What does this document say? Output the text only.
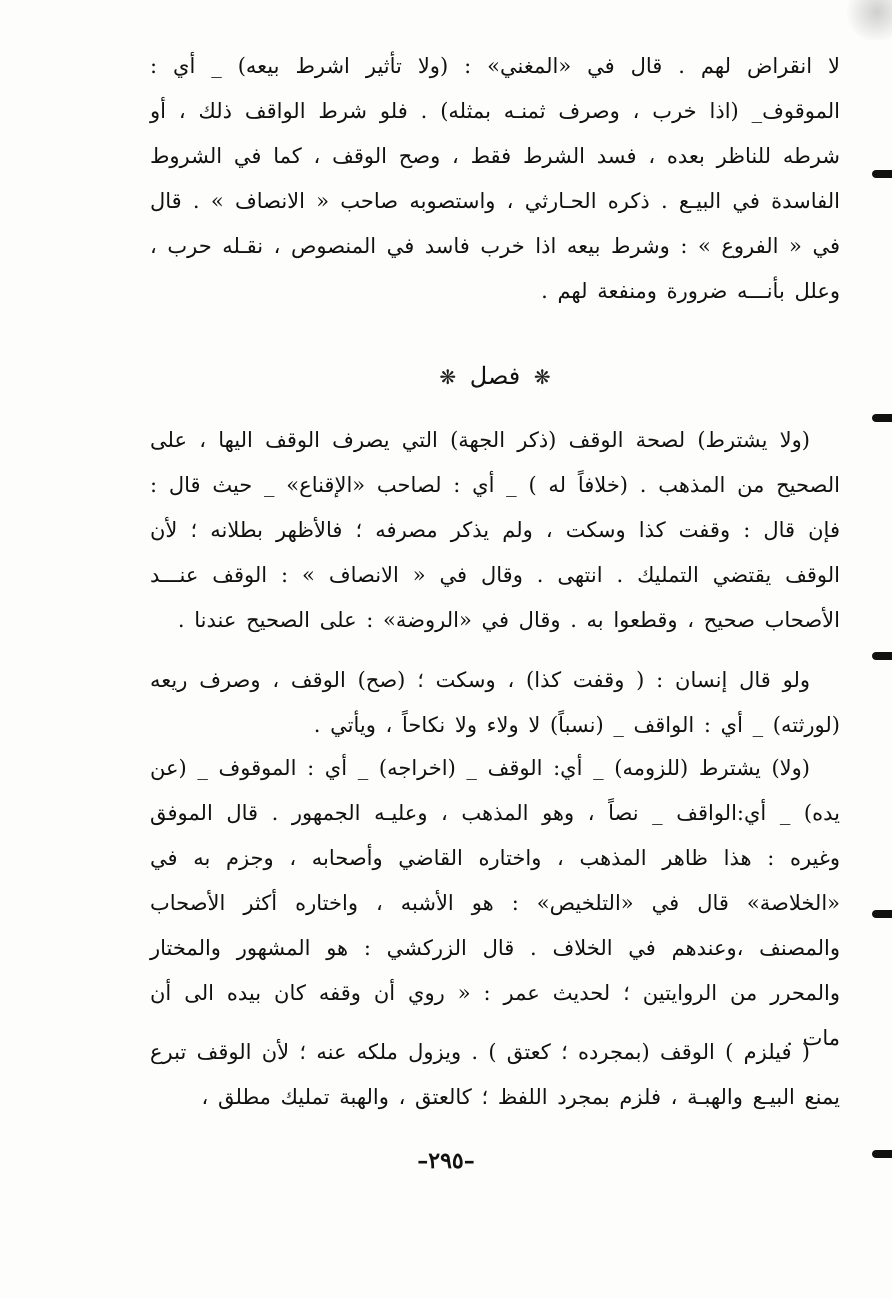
لا انقراض لهم . قال في «المغني» : (ولا تأثير اشرط بيعه) _ أي : الموقوف_ (اذا خرب ، وصرف ثمنـه بمثله) . فلو شرط الواقف ذلك ، أو شرطه للناظر بعده ، فسد الشرط فقط ، وصح الوقف ، كما في الشروط الفاسدة في البيـع . ذكره الحـارثي ، واستصوبه صاحب « الانصاف » . قال في « الفروع » : وشرط بيعه اذا خرب فاسد في المنصوص ، نقـله حرب ، وعلل بأنـــه ضرورة ومنفعة لهم .

❋ فصل ❋

(ولا يشترط) لصحة الوقف (ذكر الجهة) التي يصرف الوقف اليها ، على الصحيح من المذهب . (خلافاً له ) _ أي : لصاحب «الإقناع» _ حيث قال : فإن قال : وقفت كذا وسكت ، ولم يذكر مصرفه ؛ فالأظهر بطلانه ؛ لأن الوقف يقتضي التمليك . انتهى . وقال في « الانصاف » : الوقف عنـــد الأصحاب صحيح ، وقطعوا به . وقال في «الروضة» : على الصحيح عندنا .

ولو قال إنسان : ( وقفت كذا) ، وسكت ؛ (صح) الوقف ، وصرف ريعه (لورثته) _ أي : الواقف _ (نسباً) لا ولاء ولا نكاحاً ، ويأتي .

(ولا) يشترط (للزومه) _ أي: الوقف _ (اخراجه) _ أي : الموقوف _ (عن يده) _ أي:الواقف _ نصاً ، وهو المذهب ، وعليـه الجمهور . قال الموفق وغيره : هذا ظاهر المذهب ، واختاره القاضي وأصحابه ، وجزم به في «الخلاصة» قال في «التلخيص» : هو الأشبه ، واختاره أكثر الأصحاب والمصنف ،وعندهم في الخلاف . قال الزركشي : هو المشهور والمختار والمحرر من الروايتين ؛ لحديث عمر : « روي أن وقفه كان بيده الى أن مات .

( فيلزم ) الوقف (بمجرده ؛ كعتق ) . ويزول ملكه عنه ؛ لأن الوقف تبرع يمنع البيـع والهبـة ، فلزم بمجرد اللفظ ؛ كالعتق ، والهبة تمليك مطلق ،

–٢٩٥–
